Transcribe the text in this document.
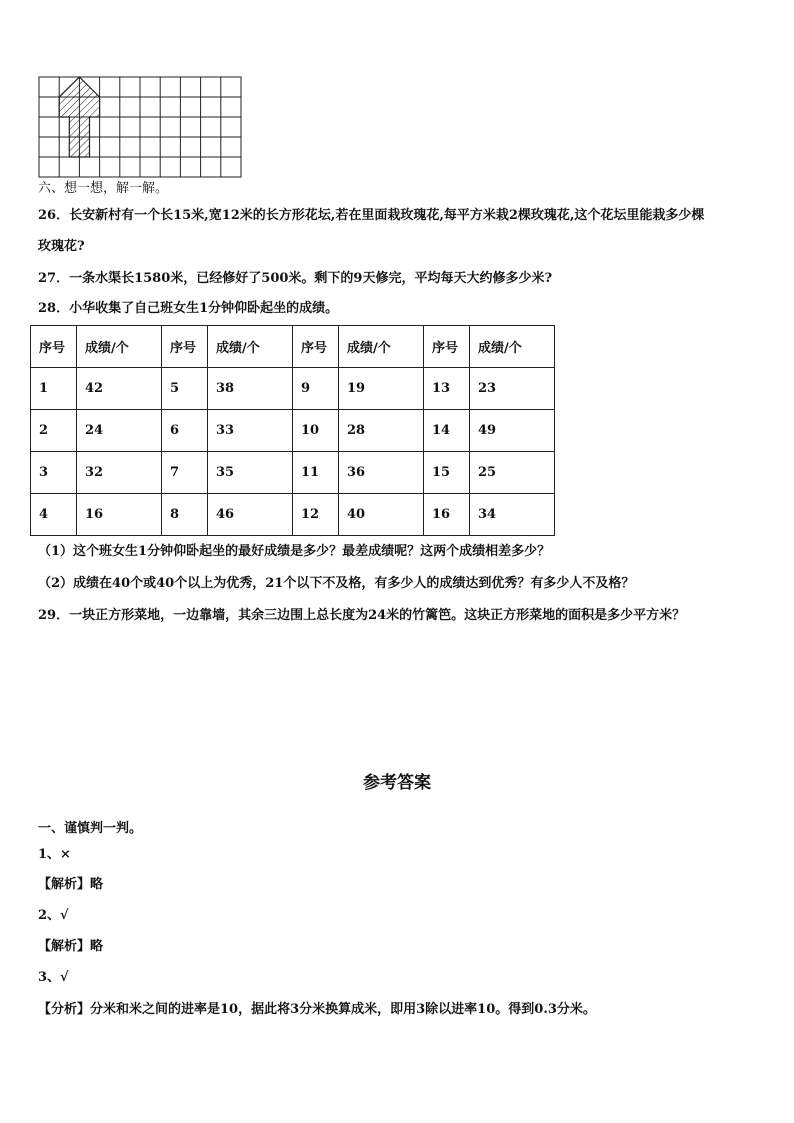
六、想一想，解一解。
26．长安新村有一个长15米,宽12米的长方形花坛,若在里面栽玫瑰花,每平方米栽2棵玫瑰花,这个花坛里能栽多少棵
玫瑰花?
27．一条水渠长1580米，已经修好了500米。剩下的9天修完，平均每天大约修多少米?
28．小华收集了自己班女生1分钟仰卧起坐的成绩。
序号	成绩/个	序号	成绩/个	序号	成绩/个	序号	成绩/个
1	42	5	38	9	19	13	23
2	24	6	33	10	28	14	49
3	32	7	35	11	36	15	25
4	16	8	46	12	40	16	34
（1）这个班女生1分钟仰卧起坐的最好成绩是多少？最差成绩呢？这两个成绩相差多少？
（2）成绩在40个或40个以上为优秀，21个以下不及格，有多少人的成绩达到优秀？有多少人不及格？
29．一块正方形菜地，一边靠墙，其余三边围上总长度为24米的竹篱笆。这块正方形菜地的面积是多少平方米？
参考答案
一、谨慎判一判。
1、×
【解析】略
2、√
【解析】略
3、√
【分析】分米和米之间的进率是10，据此将3分米换算成米，即用3除以进率10。得到0.3分米。
